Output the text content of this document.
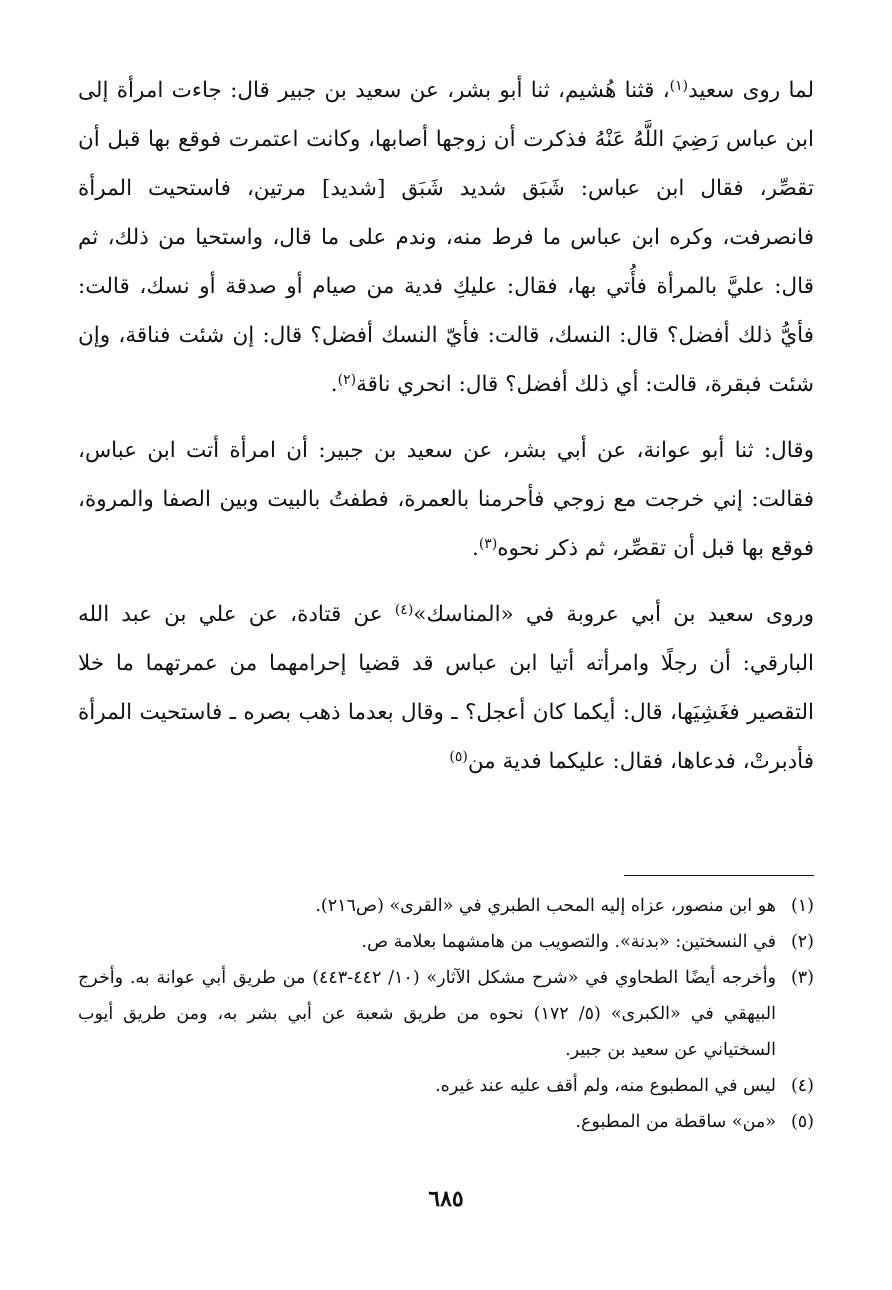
لما روى سعيد$^{(١)}$، قثنا هُشيم، ثنا أبو بشر، عن سعيد بن جبير قال: جاءت امرأة إلى ابن عباس رَضِيَ اللَّهُ عَنْهُ فذكرت أن زوجها أصابها، وكانت اعتمرت فوقع بها قبل أن تقصِّر، فقال ابن عباس: شَبَق شديد شَبَق [شديد] مرتين، فاستحيت المرأة فانصرفت، وكره ابن عباس ما فرط منه، وندم على ما قال، واستحيا من ذلك، ثم قال: عليَّ بالمرأة فأُتي بها، فقال: عليكِ فدية من صيام أو صدقة أو نسك، قالت: فأيُّ ذلك أفضل؟ قال: النسك، قالت: فأيّ النسك أفضل؟ قال: إن شئت فناقة، وإن شئت فبقرة، قالت: أي ذلك أفضل؟ قال: انحري ناقة$^{(٢)}$.

وقال: ثنا أبو عوانة، عن أبي بشر، عن سعيد بن جبير: أن امرأة أتت ابن عباس، فقالت: إني خرجت مع زوجي فأحرمنا بالعمرة، فطفتُ بالبيت وبين الصفا والمروة، فوقع بها قبل أن تقصِّر، ثم ذكر نحوه$^{(٣)}$.

وروى سعيد بن أبي عروبة في «المناسك»$^{(٤)}$ عن قتادة، عن علي بن عبد الله البارقي: أن رجلًا وامرأته أتيا ابن عباس قد قضيا إحرامهما من عمرتهما ما خلا التقصير فغَشِيَها، قال: أيكما كان أعجل؟ ـ وقال بعدما ذهب بصره ـ فاستحيت المرأة فأدبرتْ، فدعاها، فقال: عليكما فدية من$^{(٥)}$

(١)
هو ابن منصور، عزاه إليه المحب الطبري في «القرى» (ص٢١٦).
(٢)
في النسختين: «بدنة». والتصويب من هامشهما بعلامة ص.
(٣)
وأخرجه أيضًا الطحاوي في «شرح مشكل الآثار» (١٠/ ٤٤٢-٤٤٣) من طريق أبي عوانة به. وأخرج البيهقي في «الكبرى» (٥/ ١٧٢) نحوه من طريق شعبة عن أبي بشر به، ومن طريق أيوب السختياني عن سعيد بن جبير.
(٤)
ليس في المطبوع منه، ولم أقف عليه عند غيره.
(٥)
«من» ساقطة من المطبوع.
٦٨٥
